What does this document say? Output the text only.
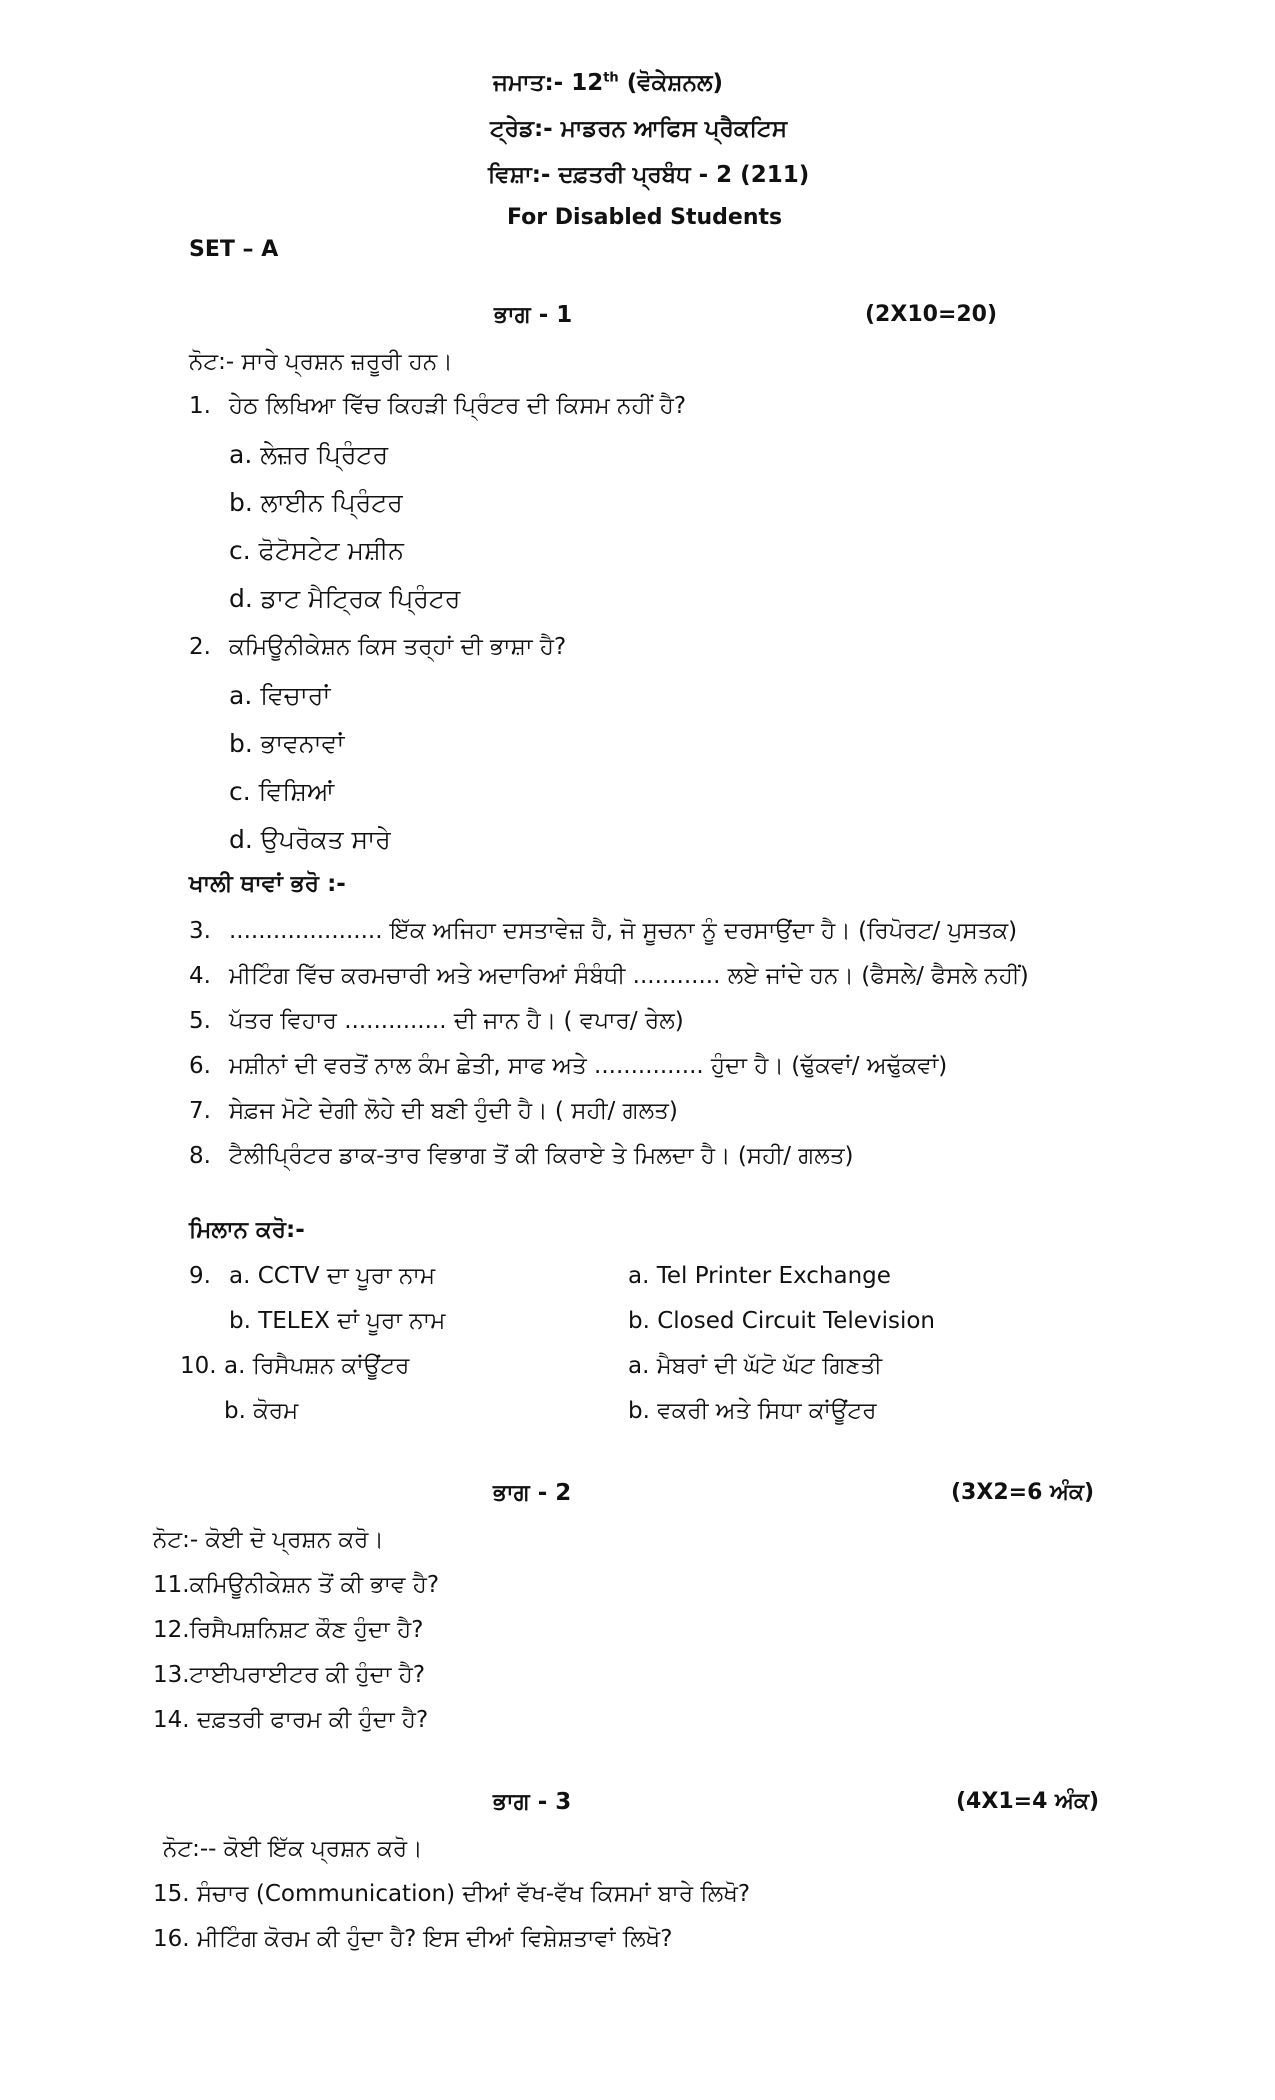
ਜਮਾਤ:- 12th (ਵੋਕੇਸ਼ਨਲ)
ਟ੍ਰੇਡ:- ਮਾਡਰਨ ਆਫਿਸ ਪ੍ਰੈਕਟਿਸ
ਵਿਸ਼ਾ:- ਦਫ਼ਤਰੀ ਪ੍ਰਬੰਧ - 2 (211)
For Disabled Students
SET – A
ਭਾਗ - 1	(2X10=20)
ਨੋਟ:- ਸਾਰੇ ਪ੍ਰਸ਼ਨ ਜ਼ਰੂਰੀ ਹਨ।
1. ਹੇਠ ਲਿਖਿਆ ਵਿੱਚ ਕਿਹੜੀ ਪ੍ਰਿੰਟਰ ਦੀ ਕਿਸਮ ਨਹੀਂ ਹੈ?
a. ਲੇਜ਼ਰ ਪ੍ਰਿੰਟਰ
b. ਲਾਈਨ ਪ੍ਰਿੰਟਰ
c. ਫੋਟੋਸਟੇਟ ਮਸ਼ੀਨ
d. ਡਾਟ ਮੈਟ੍ਰਿਕ ਪ੍ਰਿੰਟਰ
2. ਕਮਿਊਨੀਕੇਸ਼ਨ ਕਿਸ ਤਰ੍ਹਾਂ ਦੀ ਭਾਸ਼ਾ ਹੈ?
a. ਵਿਚਾਰਾਂ
b. ਭਾਵਨਾਵਾਂ
c. ਵਿਸ਼ਿਆਂ
d. ਉਪਰੋਕਤ ਸਾਰੇ
ਖਾਲੀ ਥਾਵਾਂ ਭਰੋ :-
3. ..................... ਇੱਕ ਅਜਿਹਾ ਦਸਤਾਵੇਜ਼ ਹੈ, ਜੋ ਸੂਚਨਾ ਨੂੰ ਦਰਸਾਉਂਦਾ ਹੈ। (ਰਿਪੋਰਟ/ ਪੁਸਤਕ)
4. ਮੀਟਿੰਗ ਵਿੱਚ ਕਰਮਚਾਰੀ ਅਤੇ ਅਦਾਰਿਆਂ ਸੰਬੰਧੀ ............ ਲਏ ਜਾਂਦੇ ਹਨ। (ਫੈਸਲੇ/ ਫੈਸਲੇ ਨਹੀਂ)
5. ਪੱਤਰ ਵਿਹਾਰ .............. ਦੀ ਜਾਨ ਹੈ। ( ਵਪਾਰ/ ਰੇਲ)
6. ਮਸ਼ੀਨਾਂ ਦੀ ਵਰਤੋਂ ਨਾਲ ਕੰਮ ਛੇਤੀ, ਸਾਫ ਅਤੇ ............... ਹੁੰਦਾ ਹੈ। (ਢੁੱਕਵਾਂ/ ਅਢੁੱਕਵਾਂ)
7. ਸੇਫ਼ਜ ਮੋਟੇ ਦੇਗੀ ਲੋਹੇ ਦੀ ਬਣੀ ਹੁੰਦੀ ਹੈ। ( ਸਹੀ/ ਗਲਤ)
8. ਟੈਲੀਪ੍ਰਿੰਟਰ ਡਾਕ-ਤਾਰ ਵਿਭਾਗ ਤੋਂ ਕੀ ਕਿਰਾਏ ਤੇ ਮਿਲਦਾ ਹੈ। (ਸਹੀ/ ਗਲਤ)
ਮਿਲਾਨ ਕਰੋ:-
9. a. CCTV ਦਾ ਪੂਰਾ ਨਾਮ	a. Tel Printer Exchange
b. TELEX ਦਾਂ ਪੂਰਾ ਨਾਮ	b. Closed Circuit Television
10. a. ਰਿਸੈਪਸ਼ਨ ਕਾਂਊਂਟਰ	a. ਮੈਬਰਾਂ ਦੀ ਘੱਟੋ ਘੱਟ ਗਿਣਤੀ
b. ਕੋਰਮ	b. ਵਕਰੀ ਅਤੇ ਸਿਧਾ ਕਾਂਊਂਟਰ
ਭਾਗ - 2	(3X2=6 ਅੰਕ)
ਨੋਟ:- ਕੋਈ ਦੋ ਪ੍ਰਸ਼ਨ ਕਰੋ।
11.ਕਮਿਊਨੀਕੇਸ਼ਨ ਤੋਂ ਕੀ ਭਾਵ ਹੈ?
12.ਰਿਸੈਪਸ਼ਨਿਸ਼ਟ ਕੌਣ ਹੁੰਦਾ ਹੈ?
13.ਟਾਈਪਰਾਈਟਰ ਕੀ ਹੁੰਦਾ ਹੈ?
14. ਦਫ਼ਤਰੀ ਫਾਰਮ ਕੀ ਹੁੰਦਾ ਹੈ?
ਭਾਗ - 3	(4X1=4 ਅੰਕ)
ਨੋਟ:-- ਕੋਈ ਇੱਕ ਪ੍ਰਸ਼ਨ ਕਰੋ।
15. ਸੰਚਾਰ (Communication) ਦੀਆਂ ਵੱਖ-ਵੱਖ ਕਿਸਮਾਂ ਬਾਰੇ ਲਿਖੋ?
16. ਮੀਟਿੰਗ ਕੋਰਮ ਕੀ ਹੁੰਦਾ ਹੈ? ਇਸ ਦੀਆਂ ਵਿਸ਼ੇਸ਼ਤਾਵਾਂ ਲਿਖੋ?
